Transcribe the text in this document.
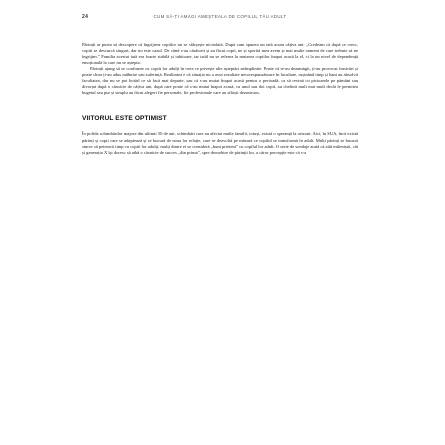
24	CUM SĂ-ȚI AMĂGI AMEȘTEALA DE COPILUL TĂU ADULT

Părinții ar putea să descopere că îngrijirea copiilor nu se sfârșește niciodată. După cum spunea un tată acum câțiva ani: „Credeam că după ce cresc, copiii se descurcă singuri, dar nu este cazul. De când s-au căsătorit și au făcut copii, ne și sporită mea avem și mai multe oameni de care trebuie să ne îngrijim.” Familia acestui tată era foarte stabilă și iubitoare, iar tatăl nu se referea la mutarea copiilor înapoi acasă la el, ci la un nivel de dependență emoțională la care nu se aștepta.

Părinții ajung să se confrunte cu copiii lor adulți în ceea ce privește alte așteptări neîmplinite. Poate că te-au dezamăgit, ți-au provocat frustrări și poate chiar ți-au adus mâhnire sau suferință. Realitatea e că situația nu a avut rezultate necorespunzătoare în facultate, rușinând timp și bani au absolvit facultatea, dar nu se pot hotărî ce să facă mai departe, sau că s-au mutat înapoi acasă pentru o perioadă, ca să revină cu picioarele pe pământ sau divorțat după o căsnicie de câțiva ani, după care poate că s-au mutat înapoi acasă, cu unul sau doi copii, au cheltuit mult mai mult decât le permitea bugetul sau pur și simplu au făcut alegeri fie personale, fie profesionale care au sfârșit dezastruos.

VIITORUL ESTE OPTIMIST

În pofida schimbărilor majore din ultimii 50 de ani, schimbări care au afectat multe familii, totuși, există o speranță la orizont. Aici, în SUA, încă există părinți și copii care se adaptează și se bucură de noua lor relație, care se dezvoltă pe măsură ce copilul se transformă în adult. Mulți părinți se bucură sincer să petreacă timp cu copiii lor adulți, mulți dintre ei se consideră „buni prieteni” cu copilul lor adult. O serie de sondaje arată că atât mileniștii, cât și generația X își doresc să aibă o căsnicie de succes „din prima”, spre deosebire de părinții lor, a căror percepție este că s-a
